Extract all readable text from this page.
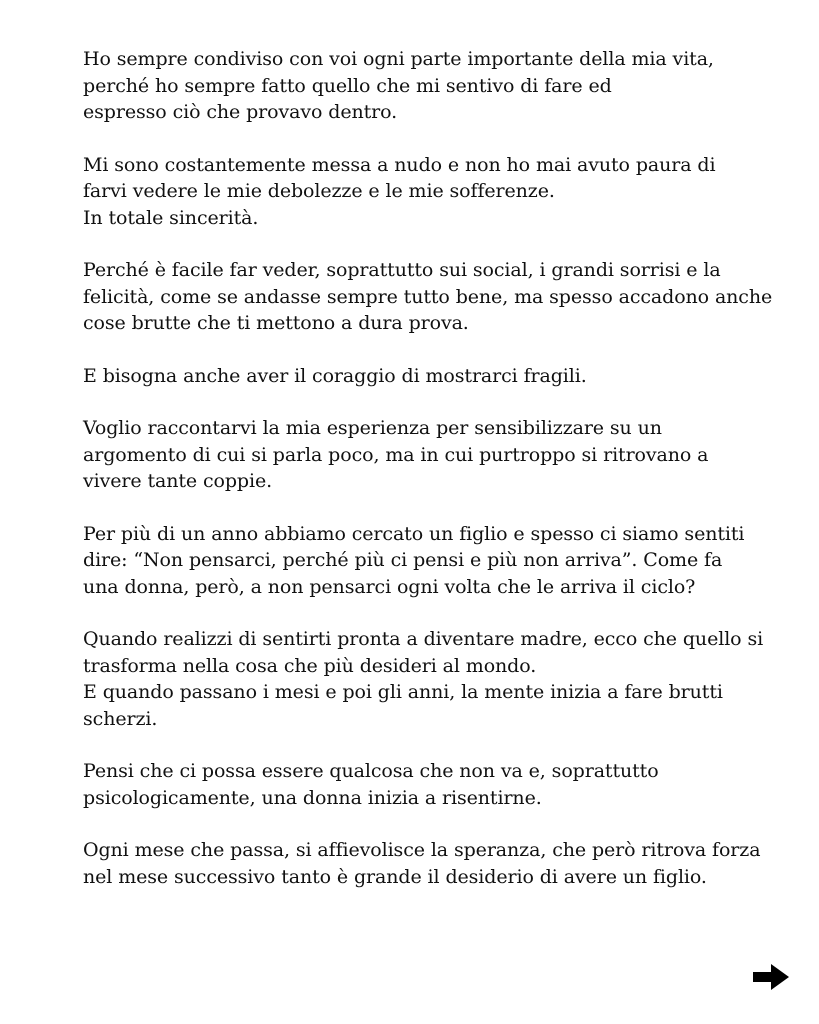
Ho sempre condiviso con voi ogni parte importante della mia vita,
perché ho sempre fatto quello che mi sentivo di fare ed
espresso ciò che provavo dentro.

Mi sono costantemente messa a nudo e non ho mai avuto paura di
farvi vedere le mie debolezze e le mie sofferenze.
In totale sincerità.

Perché è facile far veder, soprattutto sui social, i grandi sorrisi e la
felicità, come se andasse sempre tutto bene, ma spesso accadono anche
cose brutte che ti mettono a dura prova.

E bisogna anche aver il coraggio di mostrarci fragili.

Voglio raccontarvi la mia esperienza per sensibilizzare su un
argomento di cui si parla poco, ma in cui purtroppo si ritrovano a
vivere tante coppie.

Per più di un anno abbiamo cercato un figlio e spesso ci siamo sentiti
dire: “Non pensarci, perché più ci pensi e più non arriva”. Come fa
una donna, però, a non pensarci ogni volta che le arriva il ciclo?

Quando realizzi di sentirti pronta a diventare madre, ecco che quello si
trasforma nella cosa che più desideri al mondo.
E quando passano i mesi e poi gli anni, la mente inizia a fare brutti
scherzi.

Pensi che ci possa essere qualcosa che non va e, soprattutto
psicologicamente, una donna inizia a risentirne.

Ogni mese che passa, si affievolisce la speranza, che però ritrova forza
nel mese successivo tanto è grande il desiderio di avere un figlio.
